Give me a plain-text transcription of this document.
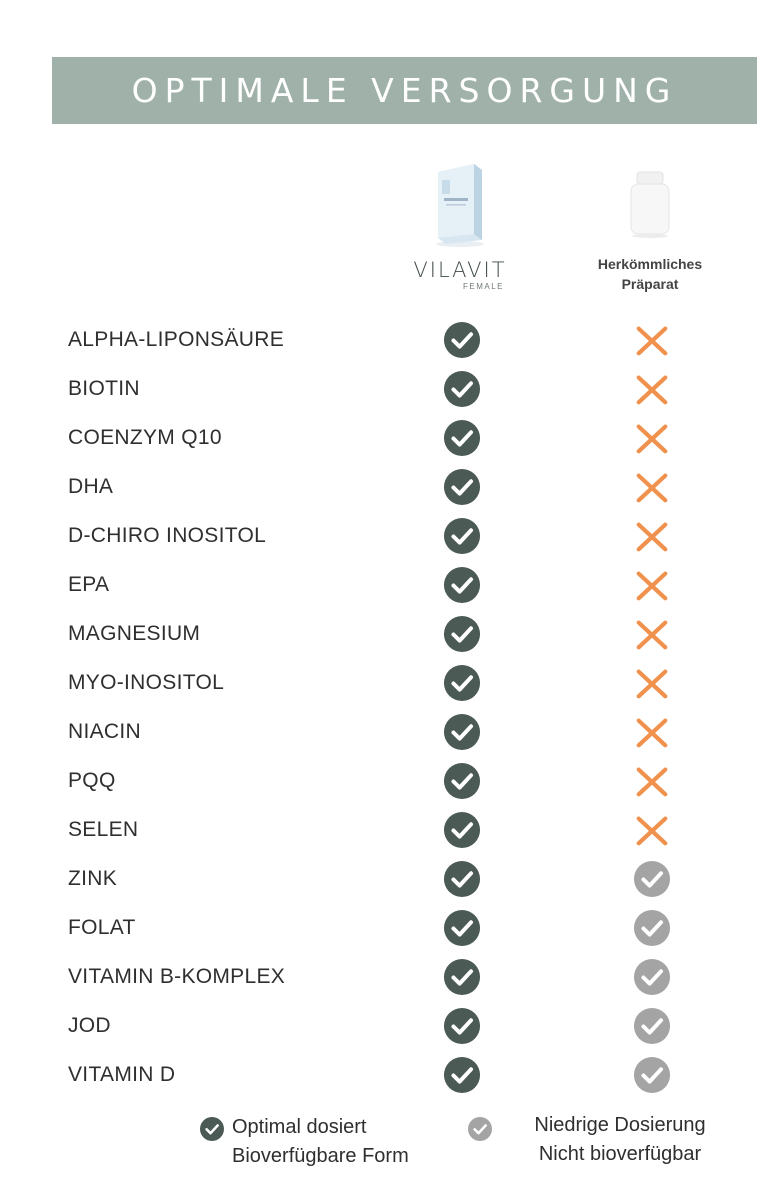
OPTIMALE VERSORGUNG
VILAVIT
FEMALE
Herkömmliches
Präparat
ALPHA-LIPONSÄURE
BIOTIN
COENZYM Q10
DHA
D-CHIRO INOSITOL
EPA
MAGNESIUM
MYO-INOSITOL
NIACIN
PQQ
SELEN
ZINK
FOLAT
VITAMIN B-KOMPLEX
JOD
VITAMIN D
Optimal dosiert
Bioverfügbare Form
Niedrige Dosierung
Nicht bioverfügbar
